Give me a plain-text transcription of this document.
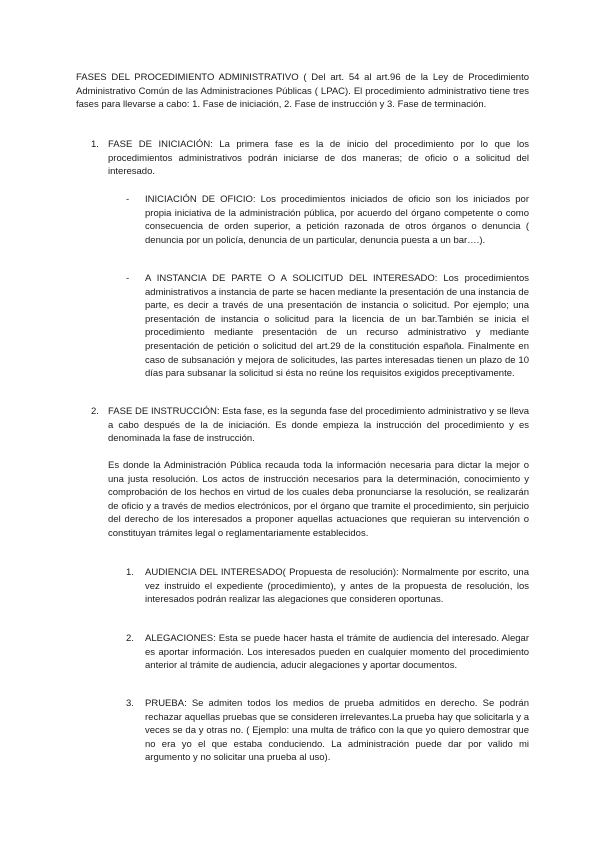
FASES DEL PROCEDIMIENTO ADMINISTRATIVO ( Del art. 54 al art.96 de la Ley de Procedimiento Administrativo Común de las Administraciones Públicas ( LPAC). El procedimiento administrativo tiene tres fases para llevarse a cabo: 1. Fase de iniciación, 2. Fase de instrucción y 3. Fase de terminación.

1. FASE DE INICIACIÓN: La primera fase es la de inicio del procedimiento por lo que los procedimientos administrativos podrán iniciarse de dos maneras; de oficio o a solicitud del interesado.

- INICIACIÓN DE OFICIO: Los procedimientos iniciados de oficio son los iniciados por propia iniciativa de la administración pública, por acuerdo del órgano competente o como consecuencia de orden superior, a petición razonada de otros órganos o denuncia ( denuncia por un policía, denuncia de un particular, denuncia puesta a un bar….).

- A INSTANCIA DE PARTE O A SOLICITUD DEL INTERESADO: Los procedimientos administrativos a instancia de parte se hacen mediante la presentación de una instancia de parte, es decir a través de una presentación de instancia o solicitud. Por ejemplo; una presentación de instancia o solicitud para la licencia de un bar.También se inicia el procedimiento mediante presentación de un recurso administrativo y mediante presentación de petición o solicitud del art.29 de la constitución española. Finalmente en caso de subsanación y mejora de solicitudes, las partes interesadas tienen un plazo de 10 días para subsanar la solicitud si ésta no reúne los requisitos exigidos preceptivamente.

2. FASE DE INSTRUCCIÓN: Esta fase, es la segunda fase del procedimiento administrativo y se lleva a cabo después de la de iniciación. Es donde empieza la instrucción del procedimiento y es denominada la fase de instrucción.

Es donde la Administración Pública recauda toda la información necesaria para dictar la mejor o una justa resolución. Los actos de instrucción necesarios para la determinación, conocimiento y comprobación de los hechos en virtud de los cuales deba pronunciarse la resolución, se realizarán de oficio y a través de medios electrónicos, por el órgano que tramite el procedimiento, sin perjuicio del derecho de los interesados a proponer aquellas actuaciones que requieran su intervención o constituyan trámites legal o reglamentariamente establecidos.

1. AUDIENCIA DEL INTERESADO( Propuesta de resolución): Normalmente por escrito, una vez instruido el expediente (procedimiento), y antes de la propuesta de resolución, los interesados podrán realizar las alegaciones que consideren oportunas.

2. ALEGACIONES: Esta se puede hacer hasta el trámite de audiencia del interesado. Alegar es aportar información. Los interesados pueden en cualquier momento del procedimiento anterior al trámite de audiencia, aducir alegaciones y aportar documentos.

3. PRUEBA: Se admiten todos los medios de prueba admitidos en derecho. Se podrán rechazar aquellas pruebas que se consideren irrelevantes.La prueba hay que solicitarla y a veces se da y otras no. ( Ejemplo: una multa de tráfico con la que yo quiero demostrar que no era yo el que estaba conduciendo. La administración puede dar por valido mi argumento y no solicitar una prueba al uso).
